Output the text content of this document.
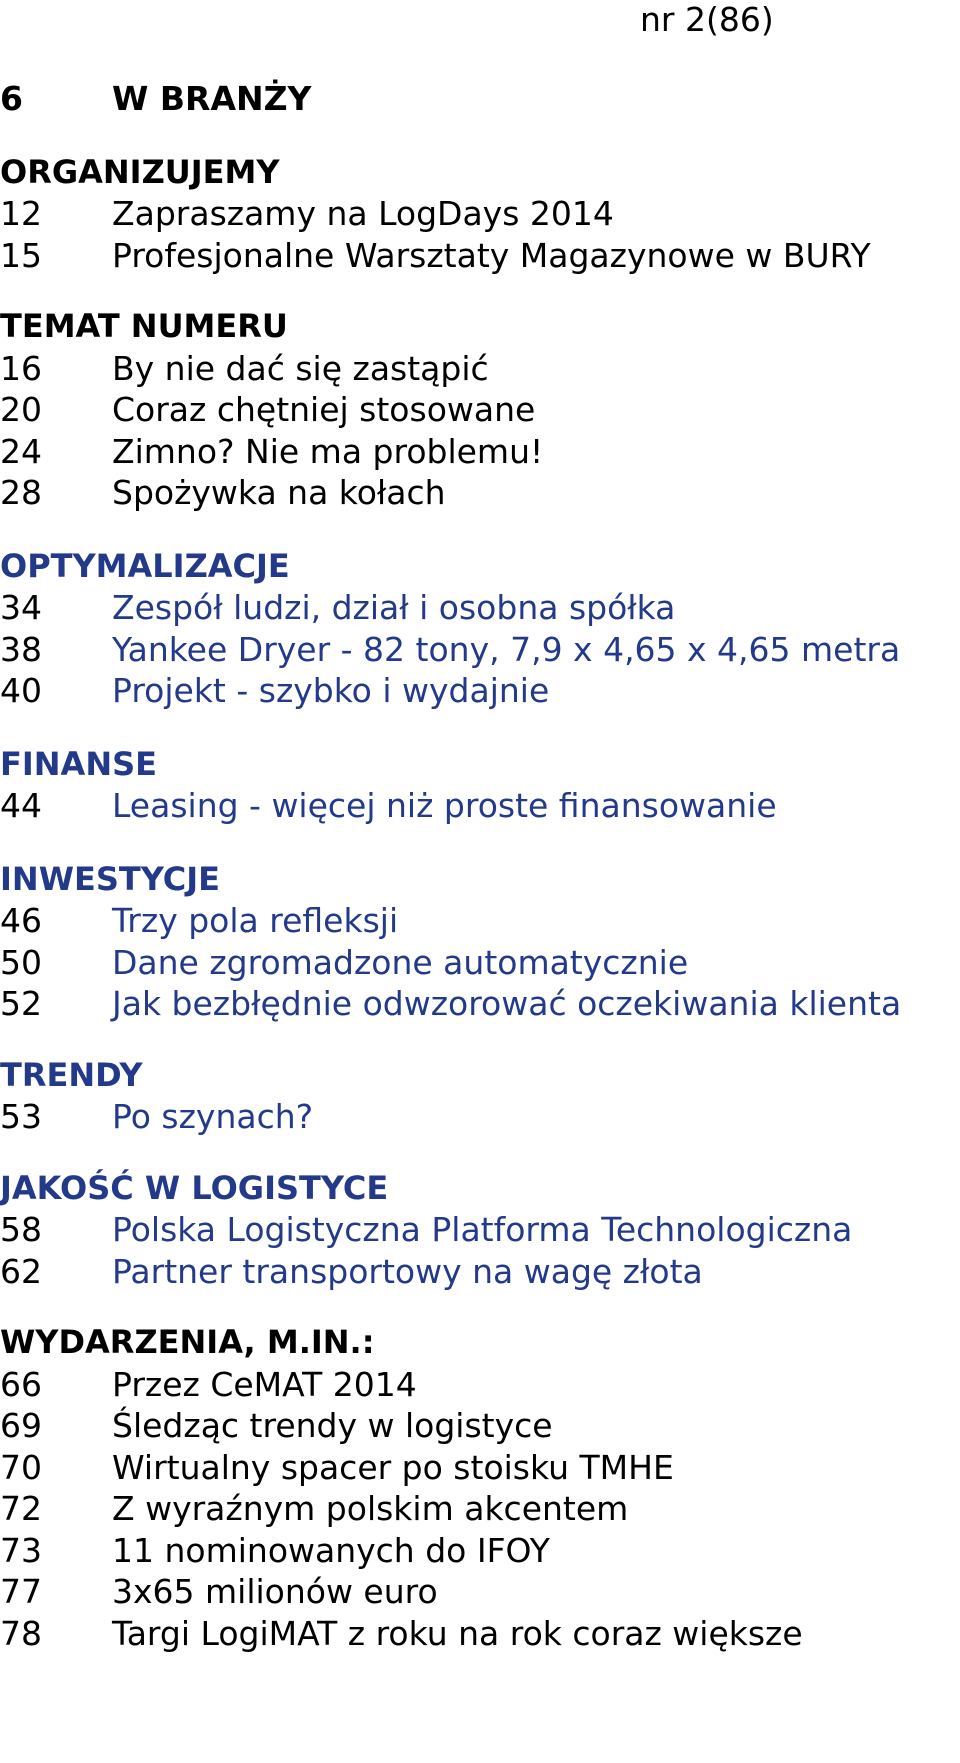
nr 2(86)
6	W BRANŻY
ORGANIZUJEMY
12	Zapraszamy na LogDays 2014
15	Profesjonalne Warsztaty Magazynowe w BURY
TEMAT NUMERU
16	By nie dać się zastąpić
20	Coraz chętniej stosowane
24	Zimno? Nie ma problemu!
28	Spożywka na kołach
OPTYMALIZACJE
34	Zespół ludzi, dział i osobna spółka
38	Yankee Dryer - 82 tony, 7,9 x 4,65 x 4,65 metra
40	Projekt - szybko i wydajnie
FINANSE
44	Leasing - więcej niż proste finansowanie
INWESTYCJE
46	Trzy pola refleksji
50	Dane zgromadzone automatycznie
52	Jak bezbłędnie odwzorować oczekiwania klienta
TRENDY
53	Po szynach?
JAKOŚĆ W LOGISTYCE
58	Polska Logistyczna Platforma Technologiczna
62	Partner transportowy na wagę złota
WYDARZENIA, M.IN.:
66	Przez CeMAT 2014
69	Śledząc trendy w logistyce
70	Wirtualny spacer po stoisku TMHE
72	Z wyraźnym polskim akcentem
73	11 nominowanych do IFOY
77	3x65 milionów euro
78	Targi LogiMAT z roku na rok coraz większe
